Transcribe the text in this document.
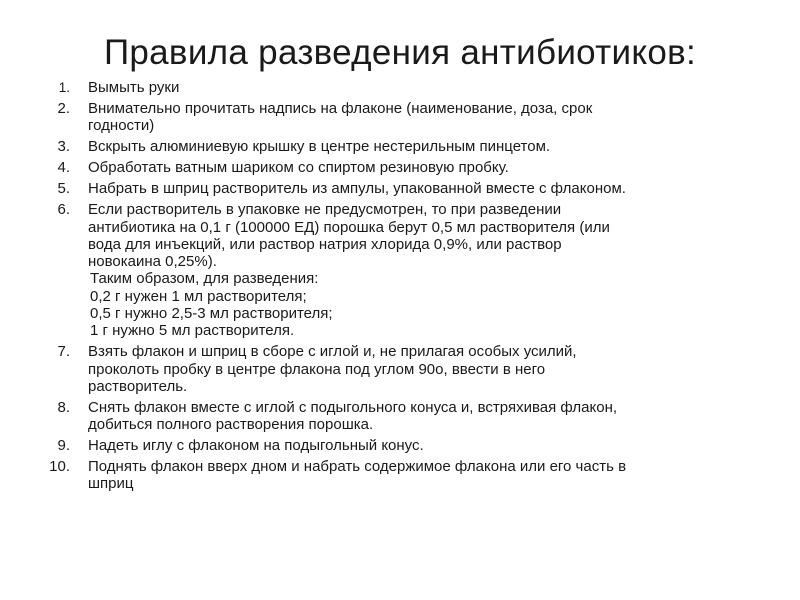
Правила разведения антибиотиков:
1. Вымыть руки
2. Внимательно прочитать надпись на флаконе (наименование, доза, срок
годности)
3. Вскрыть алюминиевую крышку в центре нестерильным пинцетом.
4. Обработать ватным шариком со спиртом резиновую пробку.
5. Набрать в шприц растворитель из ампулы, упакованной вместе с флаконом.
6. Если растворитель в упаковке не предусмотрен, то при разведении
антибиотика на 0,1 г (100000 ЕД) порошка берут 0,5 мл растворителя (или
вода для инъекций, или раствор натрия хлорида 0,9%, или раствор
новокаина 0,25%).
Таким образом, для разведения:
0,2 г нужен 1 мл растворителя;
0,5 г нужно 2,5-3 мл растворителя;
1 г нужно 5 мл растворителя.
7. Взять флакон и шприц в сборе с иглой и, не прилагая особых усилий,
проколоть пробку в центре флакона под углом 90о, ввести в него
растворитель.
8. Снять флакон вместе с иглой с подыгольного конуса и, встряхивая флакон,
добиться полного растворения порошка.
9. Надеть иглу с флаконом на подыгольный конус.
10. Поднять флакон вверх дном и набрать содержимое флакона или его часть в
шприц
